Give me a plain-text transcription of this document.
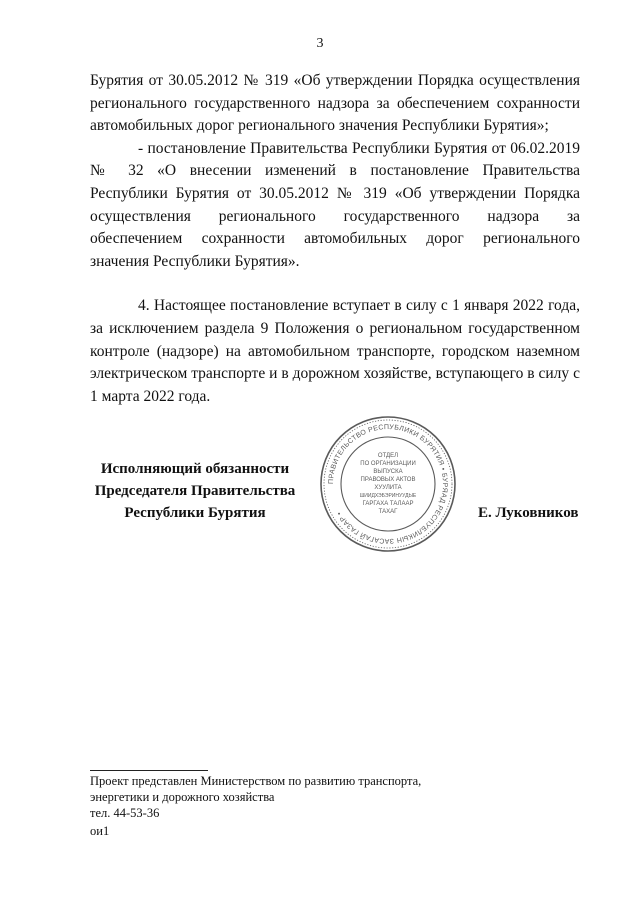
3

Бурятия от 30.05.2012 № 319 «Об утверждении Порядка осуществления регионального государственного надзора за обеспечением сохранности автомобильных дорог регионального значения Республики Бурятия»;

- постановление Правительства Республики Бурятия от 06.02.2019 № 32 «О внесении изменений в постановление Правительства Республики Бурятия от 30.05.2012 № 319 «Об утверждении Порядка осуществления регионального государственного надзора за обеспечением сохранности автомобильных дорог регионального значения Республики Бурятия».

4. Настоящее постановление вступает в силу с 1 января 2022 года, за исключением раздела 9 Положения о региональном государственном контроле (надзоре) на автомобильном транспорте, городском наземном электрическом транспорте и в дорожном хозяйстве, вступающего в силу с 1 марта 2022 года.

Исполняющий обязанности
Председателя Правительства
Республики Бурятия
ПРАВИТЕЛЬСТВО РЕСПУБЛИКИ БУРЯТИЯ • БУРЯАД РЕСПУБЛИКЫН ЗАСАГАЙ ГАЗАР •
ОТДЕЛ
ПО ОРГАНИЗАЦИИ
ВЫПУСКА
ПРАВОВЫХ АКТОВ
ХУУЛИТА
ШИИДХЭБЭРИНУУДЫЕ
ГАРГАХА ТАЛААР
ТАХАГ	Е. Луковников
Проект представлен Министерством по развитию транспорта,
энергетики и дорожного хозяйства
тел. 44-53-36
ои1
